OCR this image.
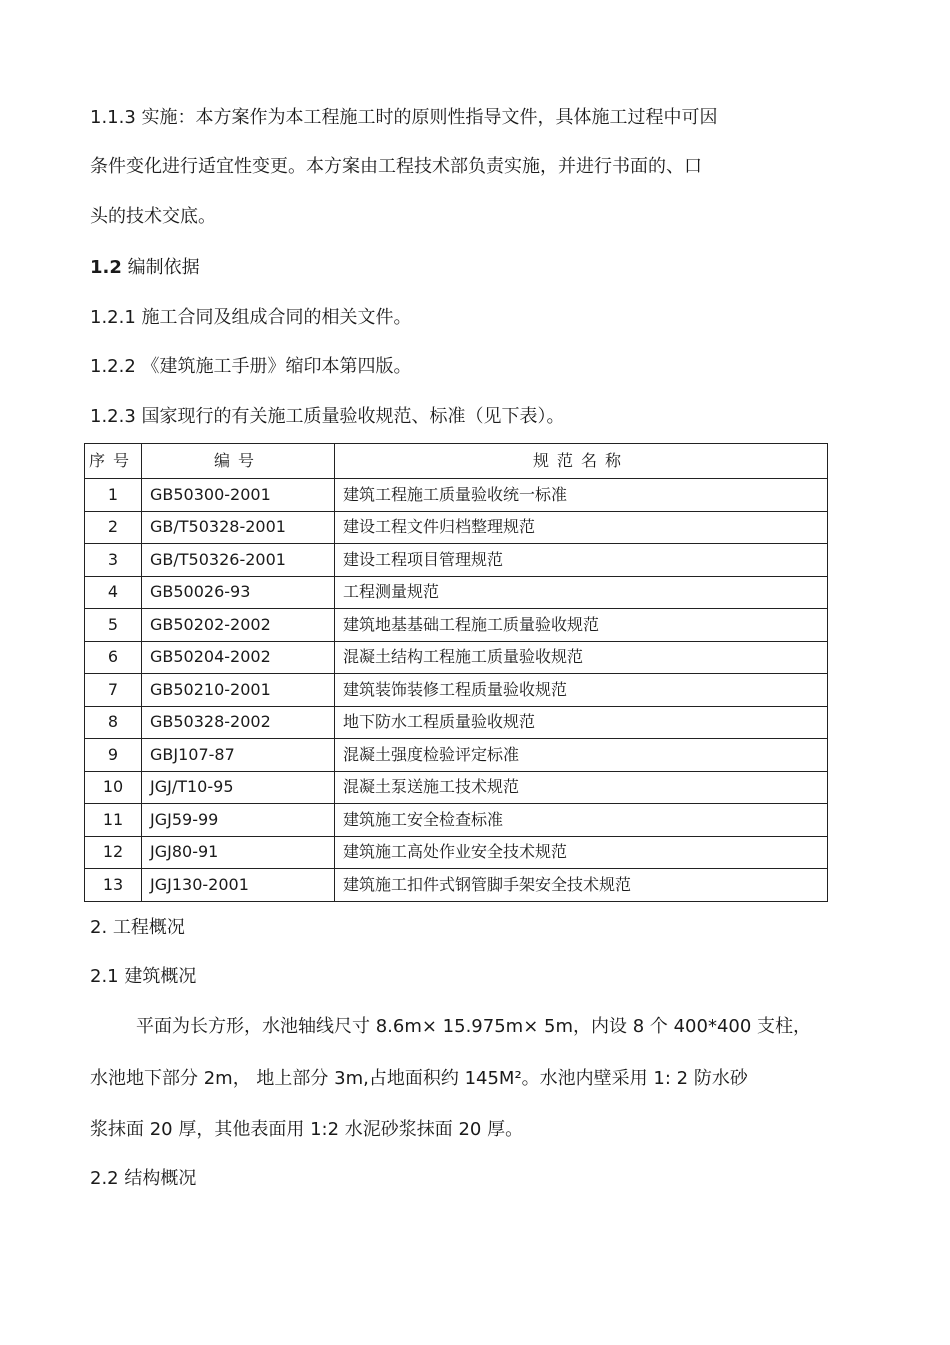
1.1.3 实施：本方案作为本工程施工时的原则性指导文件，具体施工过程中可因
条件变化进行适宜性变更。本方案由工程技术部负责实施，并进行书面的、口
头的技术交底。
1.2 编制依据
1.2.1 施工合同及组成合同的相关文件。
1.2.2 《建筑施工手册》缩印本第四版。
1.2.3 国家现行的有关施工质量验收规范、标准（见下表）。
序号	编号	规范名称
1	GB50300-2001	建筑工程施工质量验收统一标准
2	GB/T50328-2001	建设工程文件归档整理规范
3	GB/T50326-2001	建设工程项目管理规范
4	GB50026-93	工程测量规范
5	GB50202-2002	建筑地基基础工程施工质量验收规范
6	GB50204-2002	混凝土结构工程施工质量验收规范
7	GB50210-2001	建筑装饰装修工程质量验收规范
8	GB50328-2002	地下防水工程质量验收规范
9	GBJ107-87	混凝土强度检验评定标准
10	JGJ/T10-95	混凝土泵送施工技术规范
11	JGJ59-99	建筑施工安全检查标准
12	JGJ80-91	建筑施工高处作业安全技术规范
13	JGJ130-2001	建筑施工扣件式钢管脚手架安全技术规范
2. 工程概况
2.1 建筑概况
平面为长方形，水池轴线尺寸 8.6m× 15.975m× 5m，内设 8 个 400*400 支柱，
水池地下部分 2m， 地上部分 3m,占地面积约 145M²。水池内壁采用 1: 2 防水砂
浆抹面 20 厚，其他表面用 1:2 水泥砂浆抹面 20 厚。
2.2 结构概况
